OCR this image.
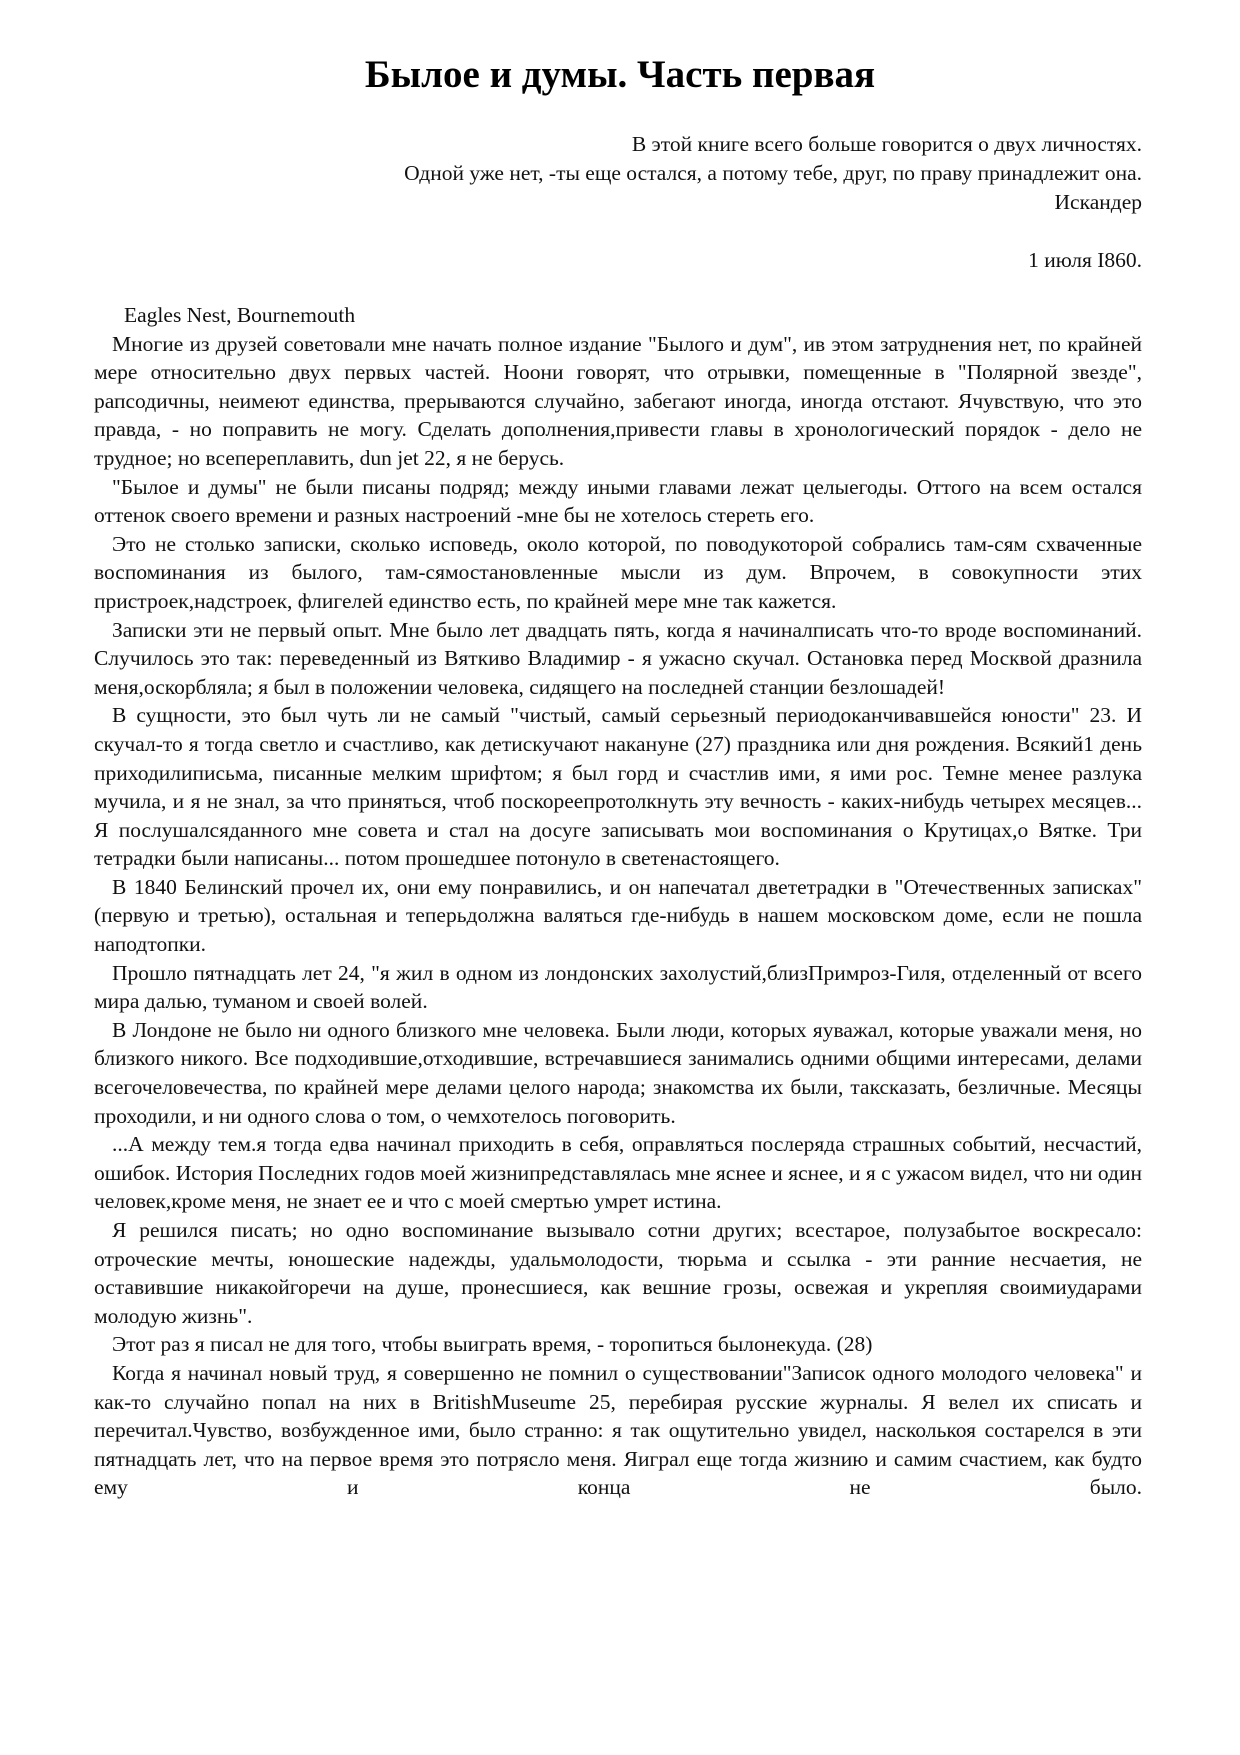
Былое и думы. Часть первая

В этой книге всего больше говорится о двух личностях.

Одной уже нет, -ты еще остался, а потому тебе, друг, по праву принадлежит она.

Искандер

1 июля I860.

Eagles Nest, Bournemouth

Многие из друзей советовали мне начать полное издание "Былого и дум", ив этом затруднения нет, по крайней мере относительно двух первых частей. Ноони говорят, что отрывки, помещенные в "Полярной звезде", рапсодичны, неимеют единства, прерываются случайно, забегают иногда, иногда отстают. Ячувствую, что это правда, - но поправить не могу. Сделать дополнения,привести главы в хронологический порядок - дело не трудное; но всепереплавить, dun jet 22, я не берусь.

"Былое и думы" не были писаны подряд; между иными главами лежат целыегоды. Оттого на всем остался оттенок своего времени и разных настроений -мне бы не хотелось стереть его.

Это не столько записки, сколько исповедь, около которой, по поводукоторой собрались там-сям схваченные воспоминания из былого, там-сямостановленные мысли из дум. Впрочем, в совокупности этих пристроек,надстроек, флигелей единство есть, по крайней мере мне так кажется.

Записки эти не первый опыт. Мне было лет двадцать пять, когда я начиналписать что-то вроде воспоминаний. Случилось это так: переведенный из Вяткиво Владимир - я ужасно скучал. Остановка перед Москвой дразнила меня,оскорбляла; я был в положении человека, сидящего на последней станции безлошадей!

В сущности, это был чуть ли не самый "чистый, самый серьезный периодоканчивавшейся юности" 23. И скучал-то я тогда светло и счастливо, как детискучают накануне (27) праздника или дня рождения. Всякий1 день приходилиписьма, писанные мелким шрифтом; я был горд и счастлив ими, я ими рос. Темне менее разлука мучила, и я не знал, за что приняться, чтоб поскореепротолкнуть эту вечность - каких-нибудь четырех месяцев... Я послушалсяданного мне совета и стал на досуге записывать мои воспоминания о Крутицах,о Вятке. Три тетрадки были написаны... потом прошедшее потонуло в светенастоящего.

В 1840 Белинский прочел их, они ему понравились, и он напечатал двететрадки в "Отечественных записках" (первую и третью), остальная и теперьдолжна валяться где-нибудь в нашем московском доме, если не пошла наподтопки.

Прошло пятнадцать лет 24, "я жил в одном из лондонских захолустий,близПримроз-Гиля, отделенный от всего мира далью, туманом и своей волей.

В Лондоне не было ни одного близкого мне человека. Были люди, которых яуважал, которые уважали меня, но близкого никого. Все подходившие,отходившие, встречавшиеся занимались одними общими интересами, делами всегочеловечества, по крайней мере делами целого народа; знакомства их были, таксказать, безличные. Месяцы проходили, и ни одного слова о том, о чемхотелось поговорить.

...А между тем.я тогда едва начинал приходить в себя, оправляться послеряда страшных событий, несчастий, ошибок. История Последних годов моей жизнипредставлялась мне яснее и яснее, и я с ужасом видел, что ни один человек,кроме меня, не знает ее и что с моей смертью умрет истина.

Я решился писать; но одно воспоминание вызывало сотни других; всестарое, полузабытое воскресало: отроческие мечты, юношеские надежды, удальмолодости, тюрьма и ссылка - эти ранние несчаетия, не оставившие никакойгоречи на душе, пронесшиеся, как вешние грозы, освежая и укрепляя своимиударами молодую жизнь".

Этот раз я писал не для того, чтобы выиграть время, - торопиться былонекуда. (28)

Когда я начинал новый труд, я совершенно не помнил о существовании"Записок одного молодого человека" и как-то случайно попал на них в BritishMuseume 25, перебирая русские журналы. Я велел их списать и перечитал.Чувство, возбужденное ими, было странно: я так ощутительно увидел, насколькоя состарелся в эти пятнадцать лет, что на первое время это потрясло меня. Яиграл еще тогда жизнию и самим счастием, как будто ему и конца не было.
